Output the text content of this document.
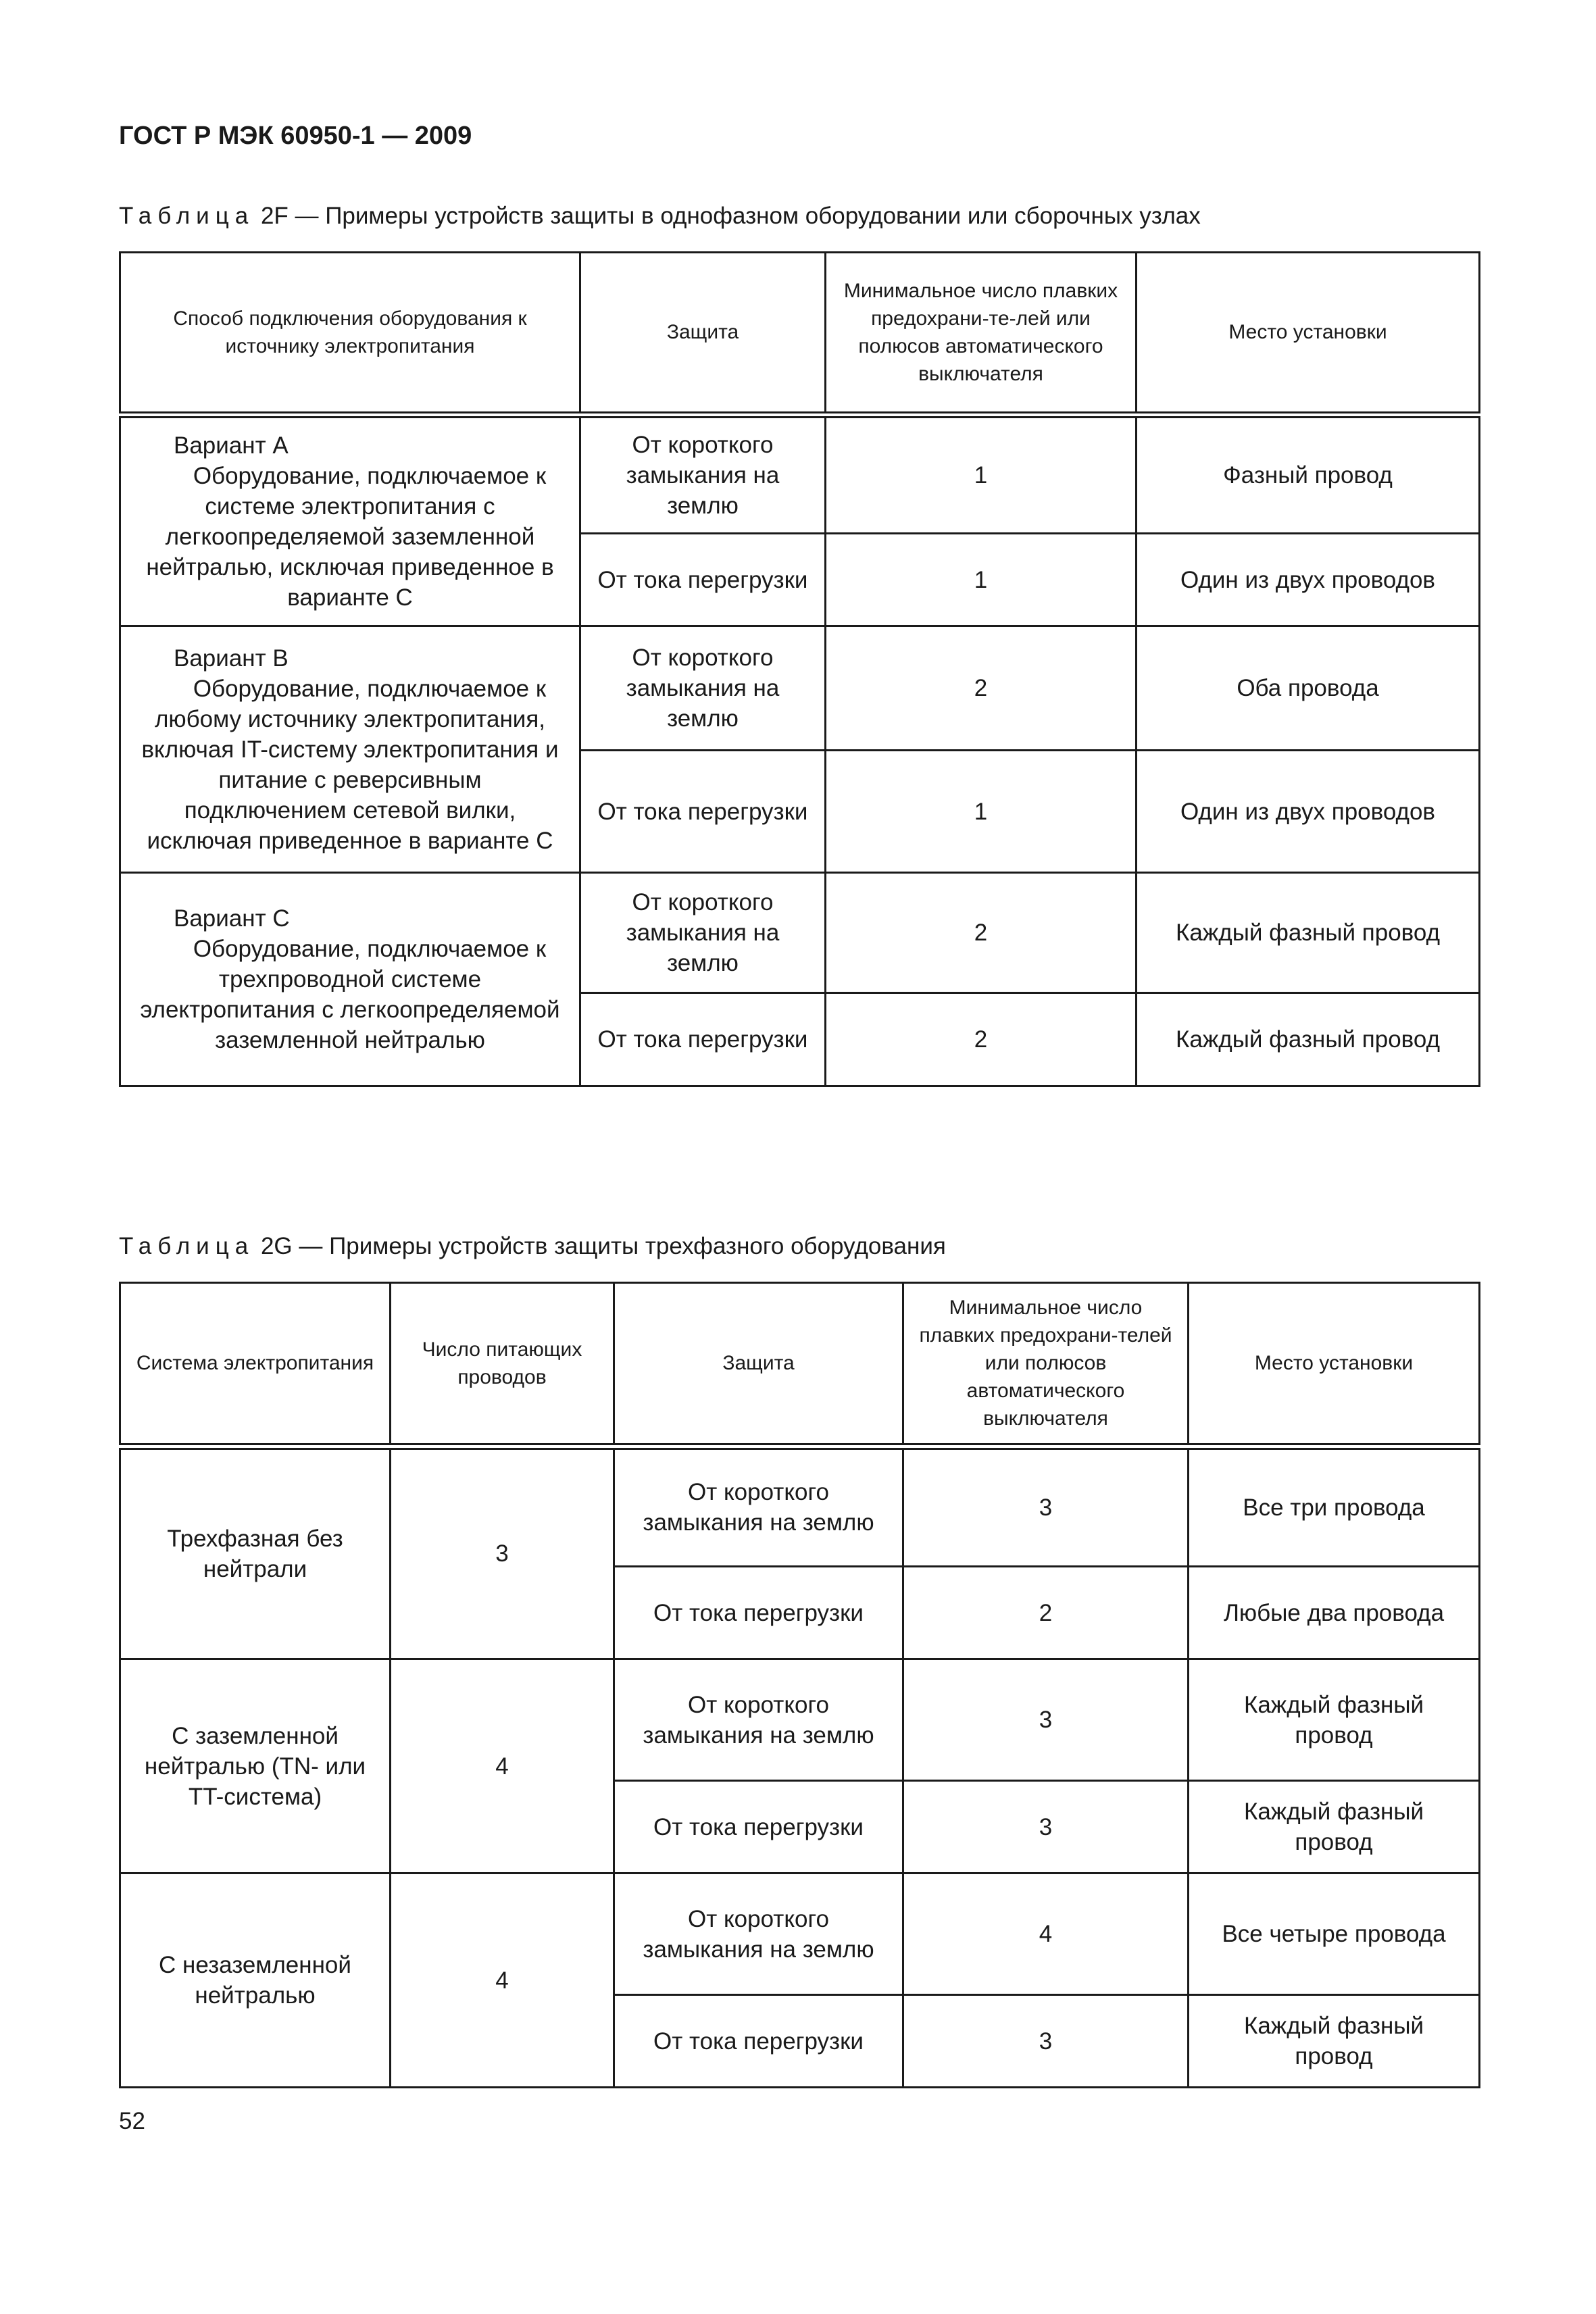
ГОСТ Р МЭК 60950-1 — 2009
Таблица 2F — Примеры устройств защиты в однофазном оборудовании или сборочных узлах
Способ подключения оборудования к источнику электропитания	Защита	Минимальное число плавких предохрани-те-лей или полюсов автоматического выключателя	Место установки

Вариант А
Оборудование, подключаемое к системе электропитания с легкоопределяемой заземленной нейтралью, исключая приведенное в варианте С	От короткого замыкания на землю	1	Фазный провод
	От тока перегрузки	1	Один из двух проводов

Вариант В
Оборудование, подключаемое к любому источнику электропитания, включая IT-систему электропитания и питание с реверсивным подключением сетевой вилки, исключая приведенное в варианте С	От короткого замыкания на землю	2	Оба провода
	От тока перегрузки	1	Один из двух проводов

Вариант С
Оборудование, подключаемое к трехпроводной системе электропитания с легкоопределяемой заземленной нейтралью	От короткого замыкания на землю	2	Каждый фазный провод
	От тока перегрузки	2	Каждый фазный провод
Таблица 2G — Примеры устройств защиты трехфазного оборудования
Система электропитания	Число питающих проводов	Защита	Минимальное число плавких предохрани-телей или полюсов автоматического выключателя	Место установки
Трехфазная без нейтрали	3	От короткого замыкания на землю	3	Все три провода
		От тока перегрузки	2	Любые два провода
С заземленной нейтралью (TN- или TT-система)	4	От короткого замыкания на землю	3	Каждый фазный провод
		От тока перегрузки	3	Каждый фазный провод
С незаземленной нейтралью	4	От короткого замыкания на землю	4	Все четыре провода
		От тока перегрузки	3	Каждый фазный провод
52
